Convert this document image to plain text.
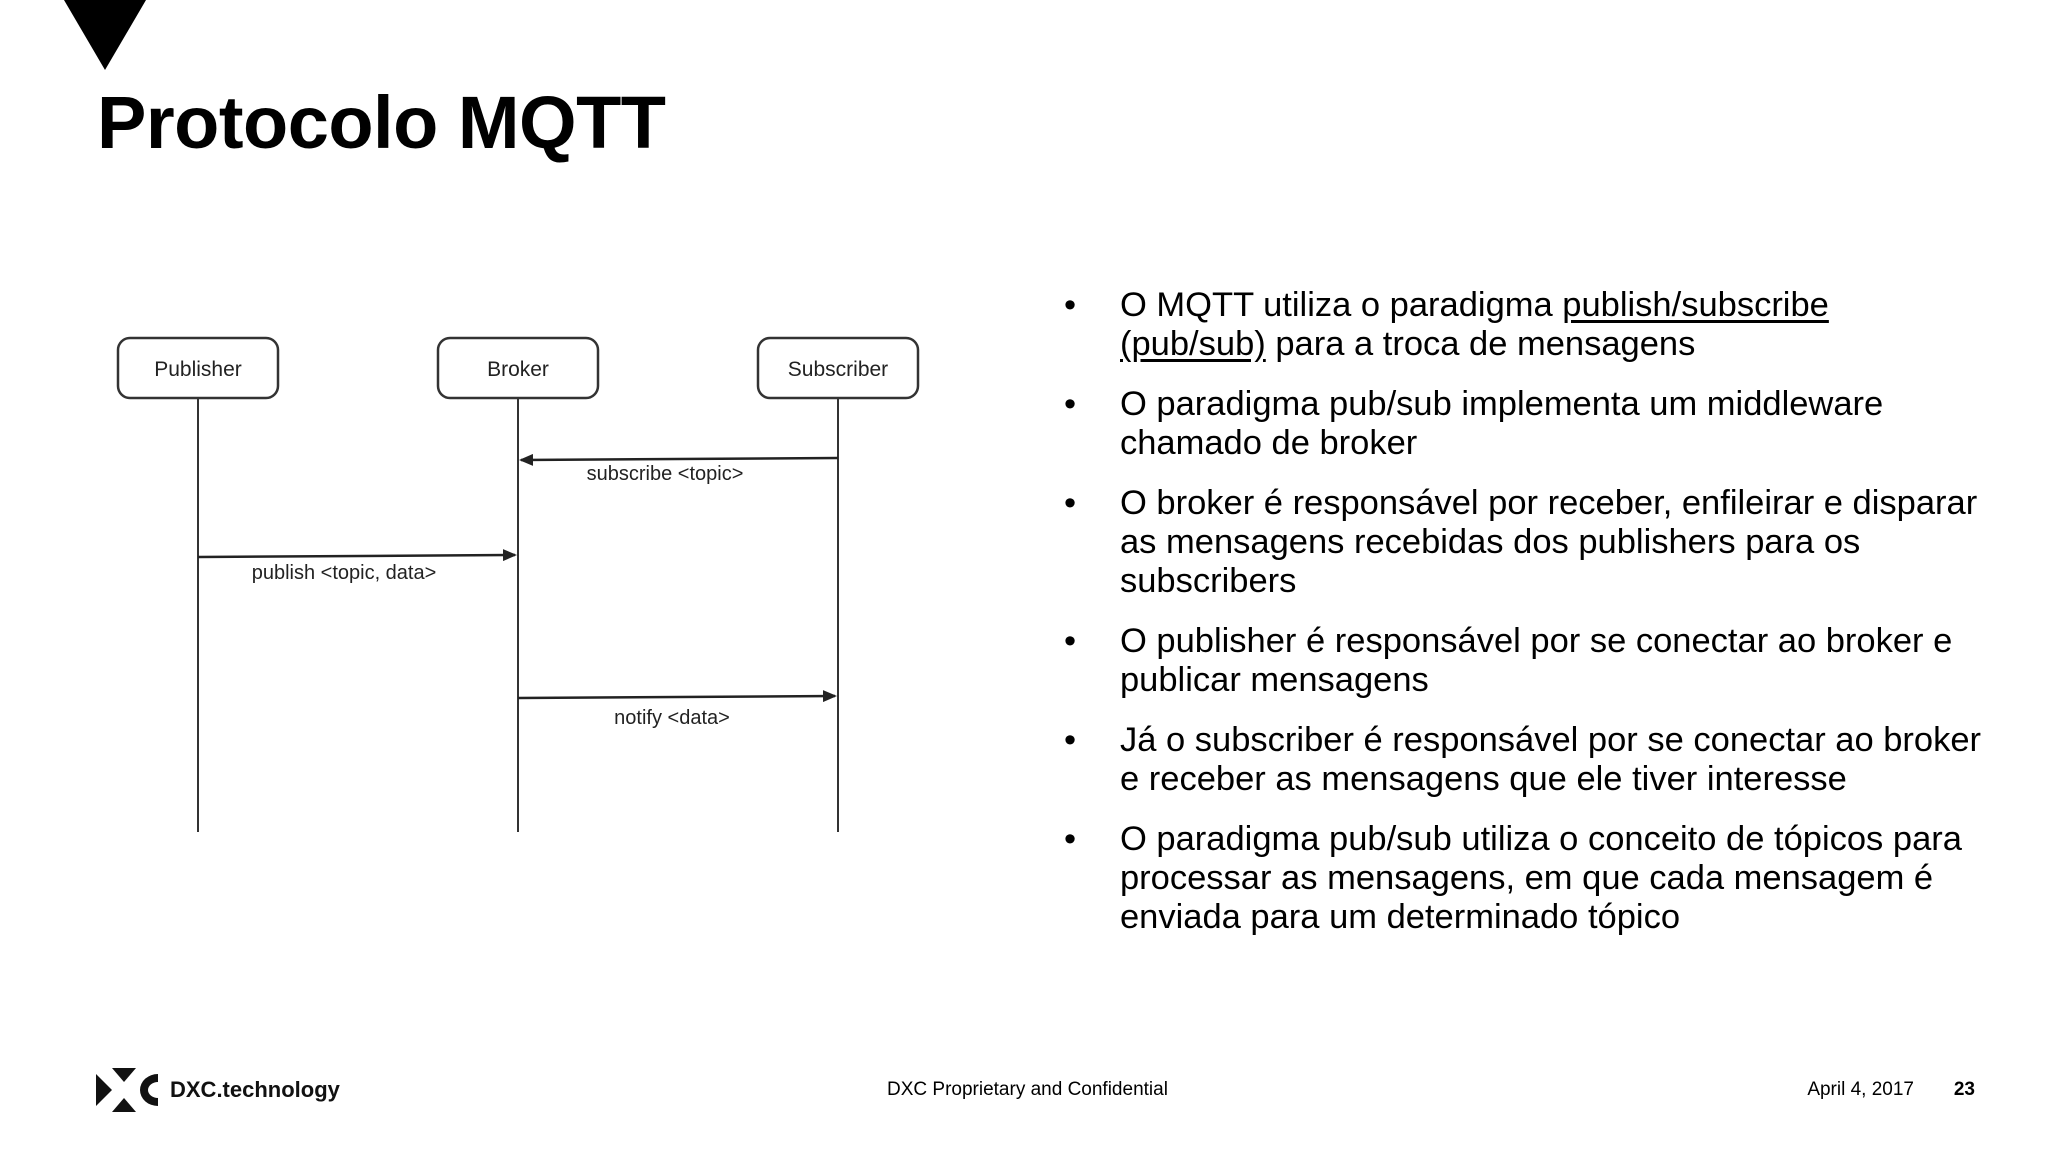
Protocolo MQTT
Publisher	Broker	Subscriber
subscribe <topic>
publish <topic, data>
notify <data>
•	O MQTT utiliza o paradigma publish/subscribe (pub/sub) para a troca de mensagens
•	O paradigma pub/sub implementa um middleware chamado de broker
•	O broker é responsável por receber, enfileirar e disparar as mensagens recebidas dos publishers para os subscribers
•	O publisher é responsável por se conectar ao broker e publicar mensagens
•	Já o subscriber é responsável por se conectar ao broker e receber as mensagens que ele tiver interesse
•	O paradigma pub/sub utiliza o conceito de tópicos para processar as mensagens, em que cada mensagem é enviada para um determinado tópico
DXC.technology	DXC Proprietary and Confidential	April 4, 2017 23
